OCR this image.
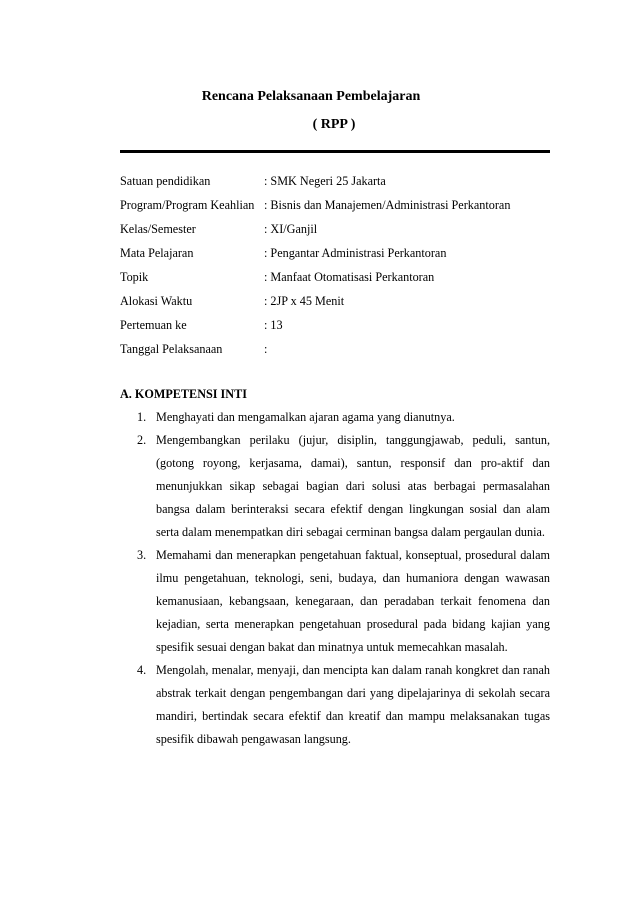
Rencana Pelaksanaan Pembelajaran
( RPP )
Satuan pendidikan	: SMK Negeri 25 Jakarta
Program/Program Keahlian : Bisnis dan Manajemen/Administrasi Perkantoran
Kelas/Semester	: XI/Ganjil
Mata Pelajaran	: Pengantar Administrasi Perkantoran
Topik	: Manfaat Otomatisasi Perkantoran
Alokasi Waktu	: 2JP x 45 Menit
Pertemuan ke	: 13
Tanggal Pelaksanaan	:
A. KOMPETENSI INTI
1. Menghayati dan mengamalkan ajaran agama yang dianutnya.
2. Mengembangkan perilaku (jujur, disiplin, tanggungjawab, peduli, santun, (gotong royong, kerjasama, damai), santun, responsif dan pro-aktif dan menunjukkan sikap sebagai bagian dari solusi atas berbagai permasalahan bangsa dalam berinteraksi secara efektif dengan lingkungan sosial dan alam serta dalam menempatkan diri sebagai cerminan bangsa dalam pergaulan dunia.
3. Memahami dan menerapkan pengetahuan faktual, konseptual, prosedural dalam ilmu pengetahuan, teknologi, seni, budaya, dan humaniora dengan wawasan kemanusiaan, kebangsaan, kenegaraan, dan peradaban terkait fenomena dan kejadian, serta menerapkan pengetahuan prosedural pada bidang kajian yang spesifik sesuai dengan bakat dan minatnya untuk memecahkan masalah.
4. Mengolah, menalar, menyaji, dan mencipta kan dalam ranah kongkret dan ranah abstrak terkait dengan pengembangan dari yang dipelajarinya di sekolah secara mandiri, bertindak secara efektif dan kreatif dan mampu melaksanakan tugas spesifik dibawah pengawasan langsung.
